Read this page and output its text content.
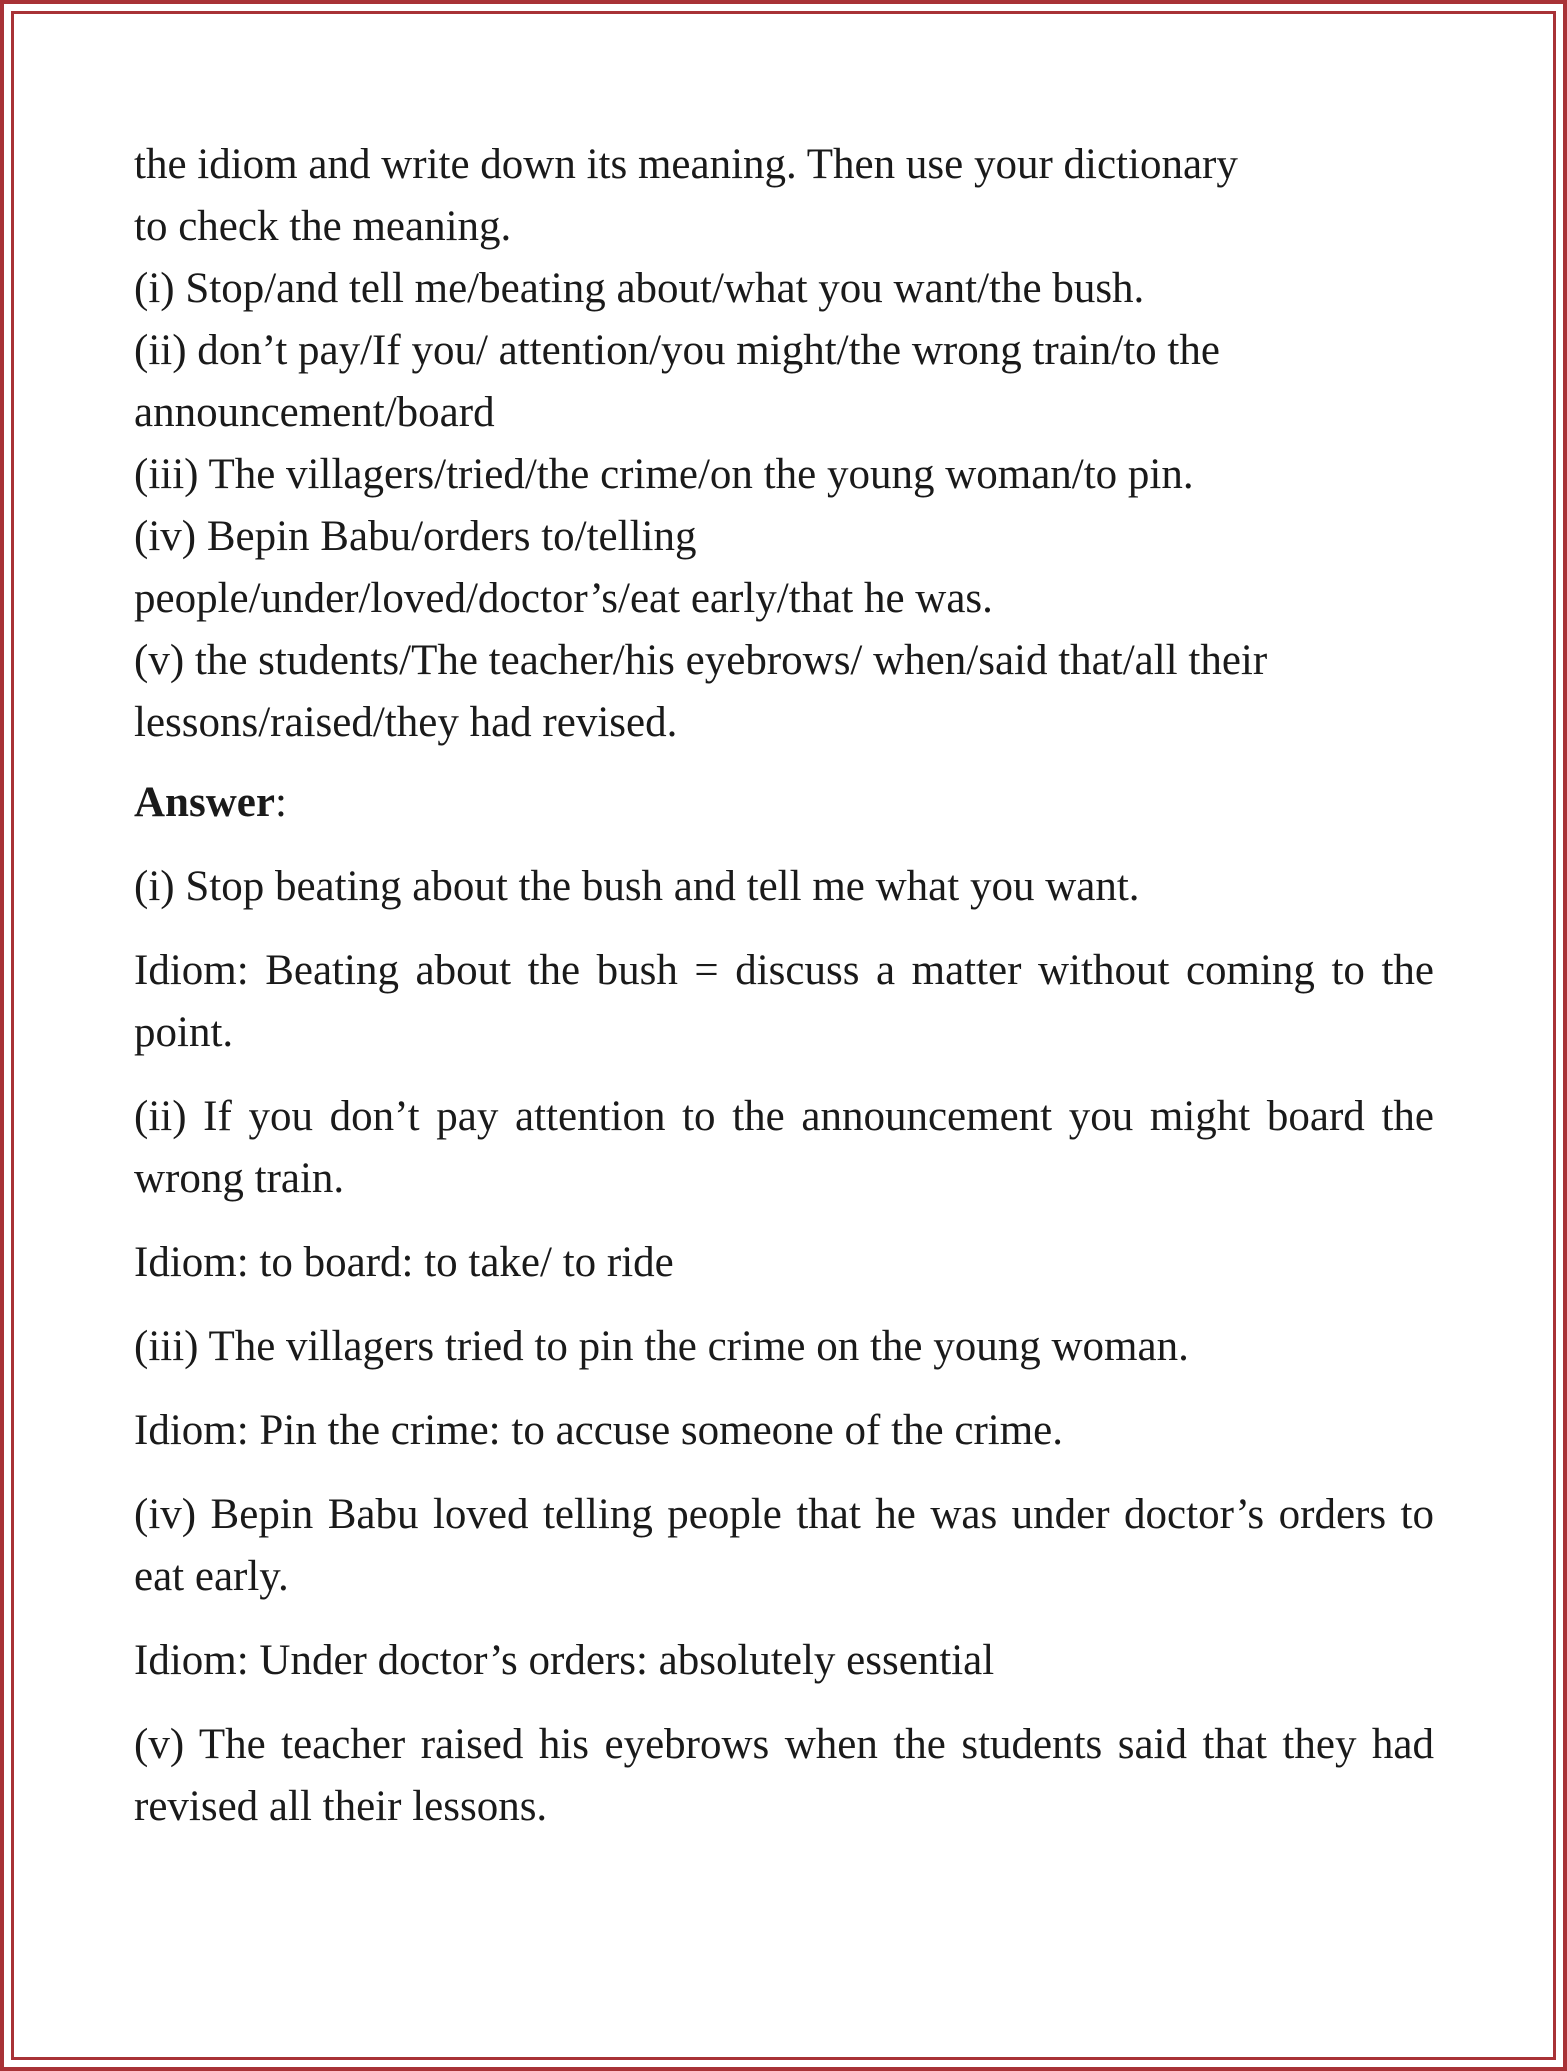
the idiom and write down its meaning. Then use your dictionary

to check the meaning.

(i) Stop/and tell me/beating about/what you want/the bush.

(ii) don’t pay/If you/ attention/you might/the wrong train/to the announcement/board

(iii) The villagers/tried/the crime/on the young woman/to pin.

(iv) Bepin Babu/orders to/telling

people/under/loved/doctor’s/eat early/that he was.

(v) the students/The teacher/his eyebrows/ when/said that/all their lessons/raised/they had revised.

Answer:

(i) Stop beating about the bush and tell me what you want.

Idiom: Beating about the bush = discuss a matter without coming to the point.

(ii) If you don’t pay attention to the announcement you might board the wrong train.

Idiom: to board: to take/ to ride

(iii) The villagers tried to pin the crime on the young woman.

Idiom: Pin the crime: to accuse someone of the crime.

(iv) Bepin Babu loved telling people that he was under doctor’s orders to eat early.

Idiom: Under doctor’s orders: absolutely essential

(v) The teacher raised his eyebrows when the students said that they had revised all their lessons.
